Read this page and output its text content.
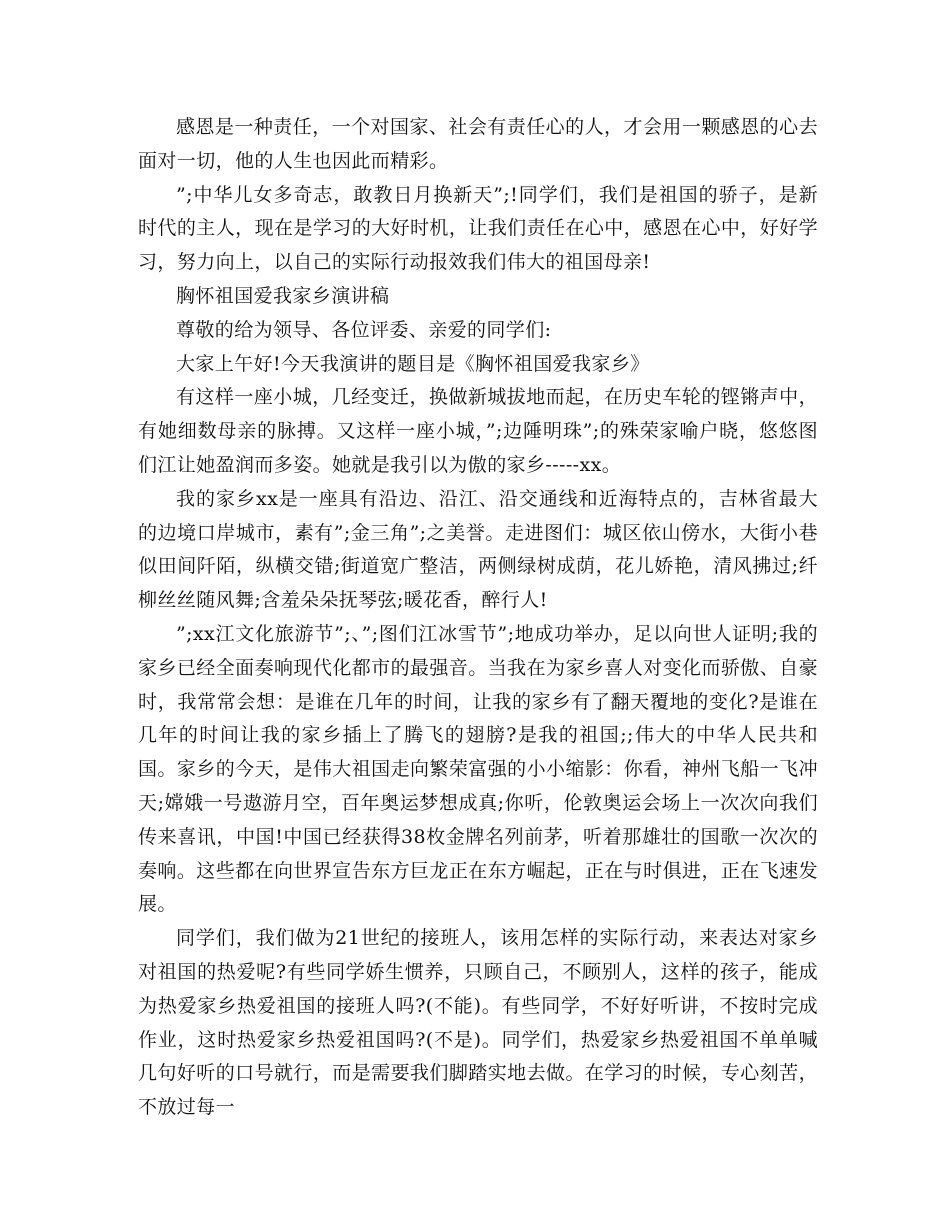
感恩是一种责任，一个对国家、社会有责任心的人，才会用一颗感恩的心去面对一切，他的人生也因此而精彩。

”;中华儿女多奇志，敢教日月换新天”;!同学们，我们是祖国的骄子，是新时代的主人，现在是学习的大好时机，让我们责任在心中，感恩在心中，好好学习，努力向上，以自己的实际行动报效我们伟大的祖国母亲!

胸怀祖国爱我家乡演讲稿

尊敬的给为领导、各位评委、亲爱的同学们:

大家上午好!今天我演讲的题目是《胸怀祖国爱我家乡》

有这样一座小城，几经变迁，换做新城拔地而起，在历史车轮的铿锵声中，有她细数母亲的脉搏。又这样一座小城，”;边陲明珠”;的殊荣家喻户晓，悠悠图们江让她盈润而多姿。她就是我引以为傲的家乡-----xx。

我的家乡xx是一座具有沿边、沿江、沿交通线和近海特点的，吉林省最大的边境口岸城市，素有”;金三角”;之美誉。走进图们：城区依山傍水，大街小巷似田间阡陌，纵横交错;街道宽广整洁，两侧绿树成荫，花儿娇艳，清风拂过;纤柳丝丝随风舞;含羞朵朵抚琴弦;暖花香，醉行人!

”;xx江文化旅游节”;、”;图们江冰雪节”;地成功举办，足以向世人证明;我的家乡已经全面奏响现代化都市的最强音。当我在为家乡喜人对变化而骄傲、自豪时，我常常会想：是谁在几年的时间，让我的家乡有了翻天覆地的变化?是谁在几年的时间让我的家乡插上了腾飞的翅膀?是我的祖国;;伟大的中华人民共和国。家乡的今天，是伟大祖国走向繁荣富强的小小缩影：你看，神州飞船一飞冲天;嫦娥一号遨游月空，百年奥运梦想成真;你听，伦敦奥运会场上一次次向我们传来喜讯，中国!中国已经获得38枚金牌名列前茅，听着那雄壮的国歌一次次的奏响。这些都在向世界宣告东方巨龙正在东方崛起，正在与时俱进，正在飞速发展。

同学们，我们做为21世纪的接班人，该用怎样的实际行动，来表达对家乡对祖国的热爱呢?有些同学娇生惯养，只顾自己，不顾别人，这样的孩子，能成为热爱家乡热爱祖国的接班人吗?(不能)。有些同学，不好好听讲，不按时完成作业，这时热爱家乡热爱祖国吗?(不是)。同学们，热爱家乡热爱祖国不单单喊几句好听的口号就行，而是需要我们脚踏实地去做。在学习的时候，专心刻苦，不放过每一
